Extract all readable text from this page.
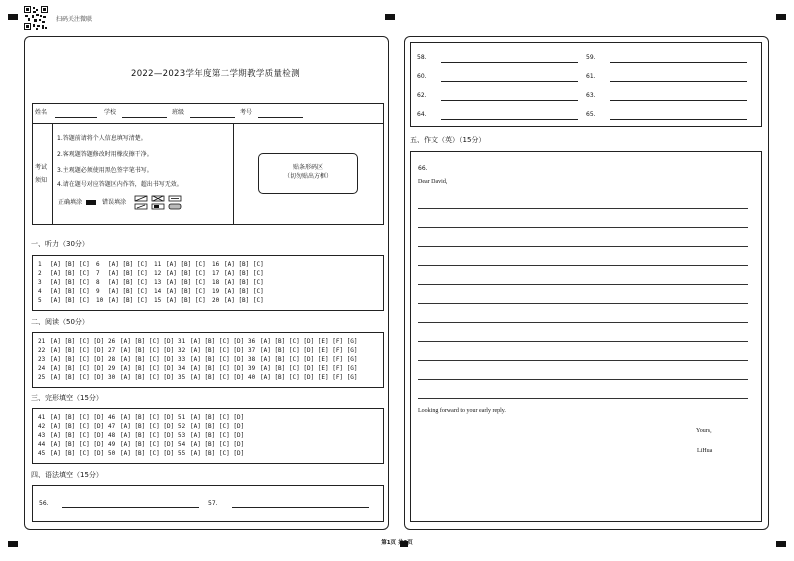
扫码关注微联
2022—2023学年度第二学期教学质量检测
姓名	学校	班级	考号
考试
须知
1.答题前请将个人信息填写清楚。
2.客观题答题修改时用橡皮擦干净。
3.主观题必须使用黑色签字笔书写。
4.请在题号对应答题区内作答，超出书写无效。
正确填涂	错误填涂
贴条形码区
（切勿贴出方框）
一、听力（30分）
1 [A] [B] [C] 6 [A] [B] [C] 11 [A] [B] [C] 16 [A] [B] [C]
2 [A] [B] [C] 7 [A] [B] [C] 12 [A] [B] [C] 17 [A] [B] [C]
3 [A] [B] [C] 8 [A] [B] [C] 13 [A] [B] [C] 18 [A] [B] [C]
4 [A] [B] [C] 9 [A] [B] [C] 14 [A] [B] [C] 19 [A] [B] [C]
5 [A] [B] [C] 10 [A] [B] [C] 15 [A] [B] [C] 20 [A] [B] [C]
二、阅读（50分）
21 [A] [B] [C] [D] 26 [A] [B] [C] [D] 31 [A] [B] [C] [D] 36 [A] [B] [C] [D] [E] [F] [G]
22 [A] [B] [C] [D] 27 [A] [B] [C] [D] 32 [A] [B] [C] [D] 37 [A] [B] [C] [D] [E] [F] [G]
23 [A] [B] [C] [D] 28 [A] [B] [C] [D] 33 [A] [B] [C] [D] 38 [A] [B] [C] [D] [E] [F] [G]
24 [A] [B] [C] [D] 29 [A] [B] [C] [D] 34 [A] [B] [C] [D] 39 [A] [B] [C] [D] [E] [F] [G]
25 [A] [B] [C] [D] 30 [A] [B] [C] [D] 35 [A] [B] [C] [D] 40 [A] [B] [C] [D] [E] [F] [G]
三、完形填空（15分）
41 [A] [B] [C] [D] 46 [A] [B] [C] [D] 51 [A] [B] [C] [D]
42 [A] [B] [C] [D] 47 [A] [B] [C] [D] 52 [A] [B] [C] [D]
43 [A] [B] [C] [D] 48 [A] [B] [C] [D] 53 [A] [B] [C] [D]
44 [A] [B] [C] [D] 49 [A] [B] [C] [D] 54 [A] [B] [C] [D]
45 [A] [B] [C] [D] 50 [A] [B] [C] [D] 55 [A] [B] [C] [D]
四、语法填空（15分）
56.	57.
58.	59.
60.	61.
62.	63.
64.	65.
五、作文（英）（15分）
66.
Dear David,
Looking forward to your early reply.
Yours,
LiHua
第1页 共2页
